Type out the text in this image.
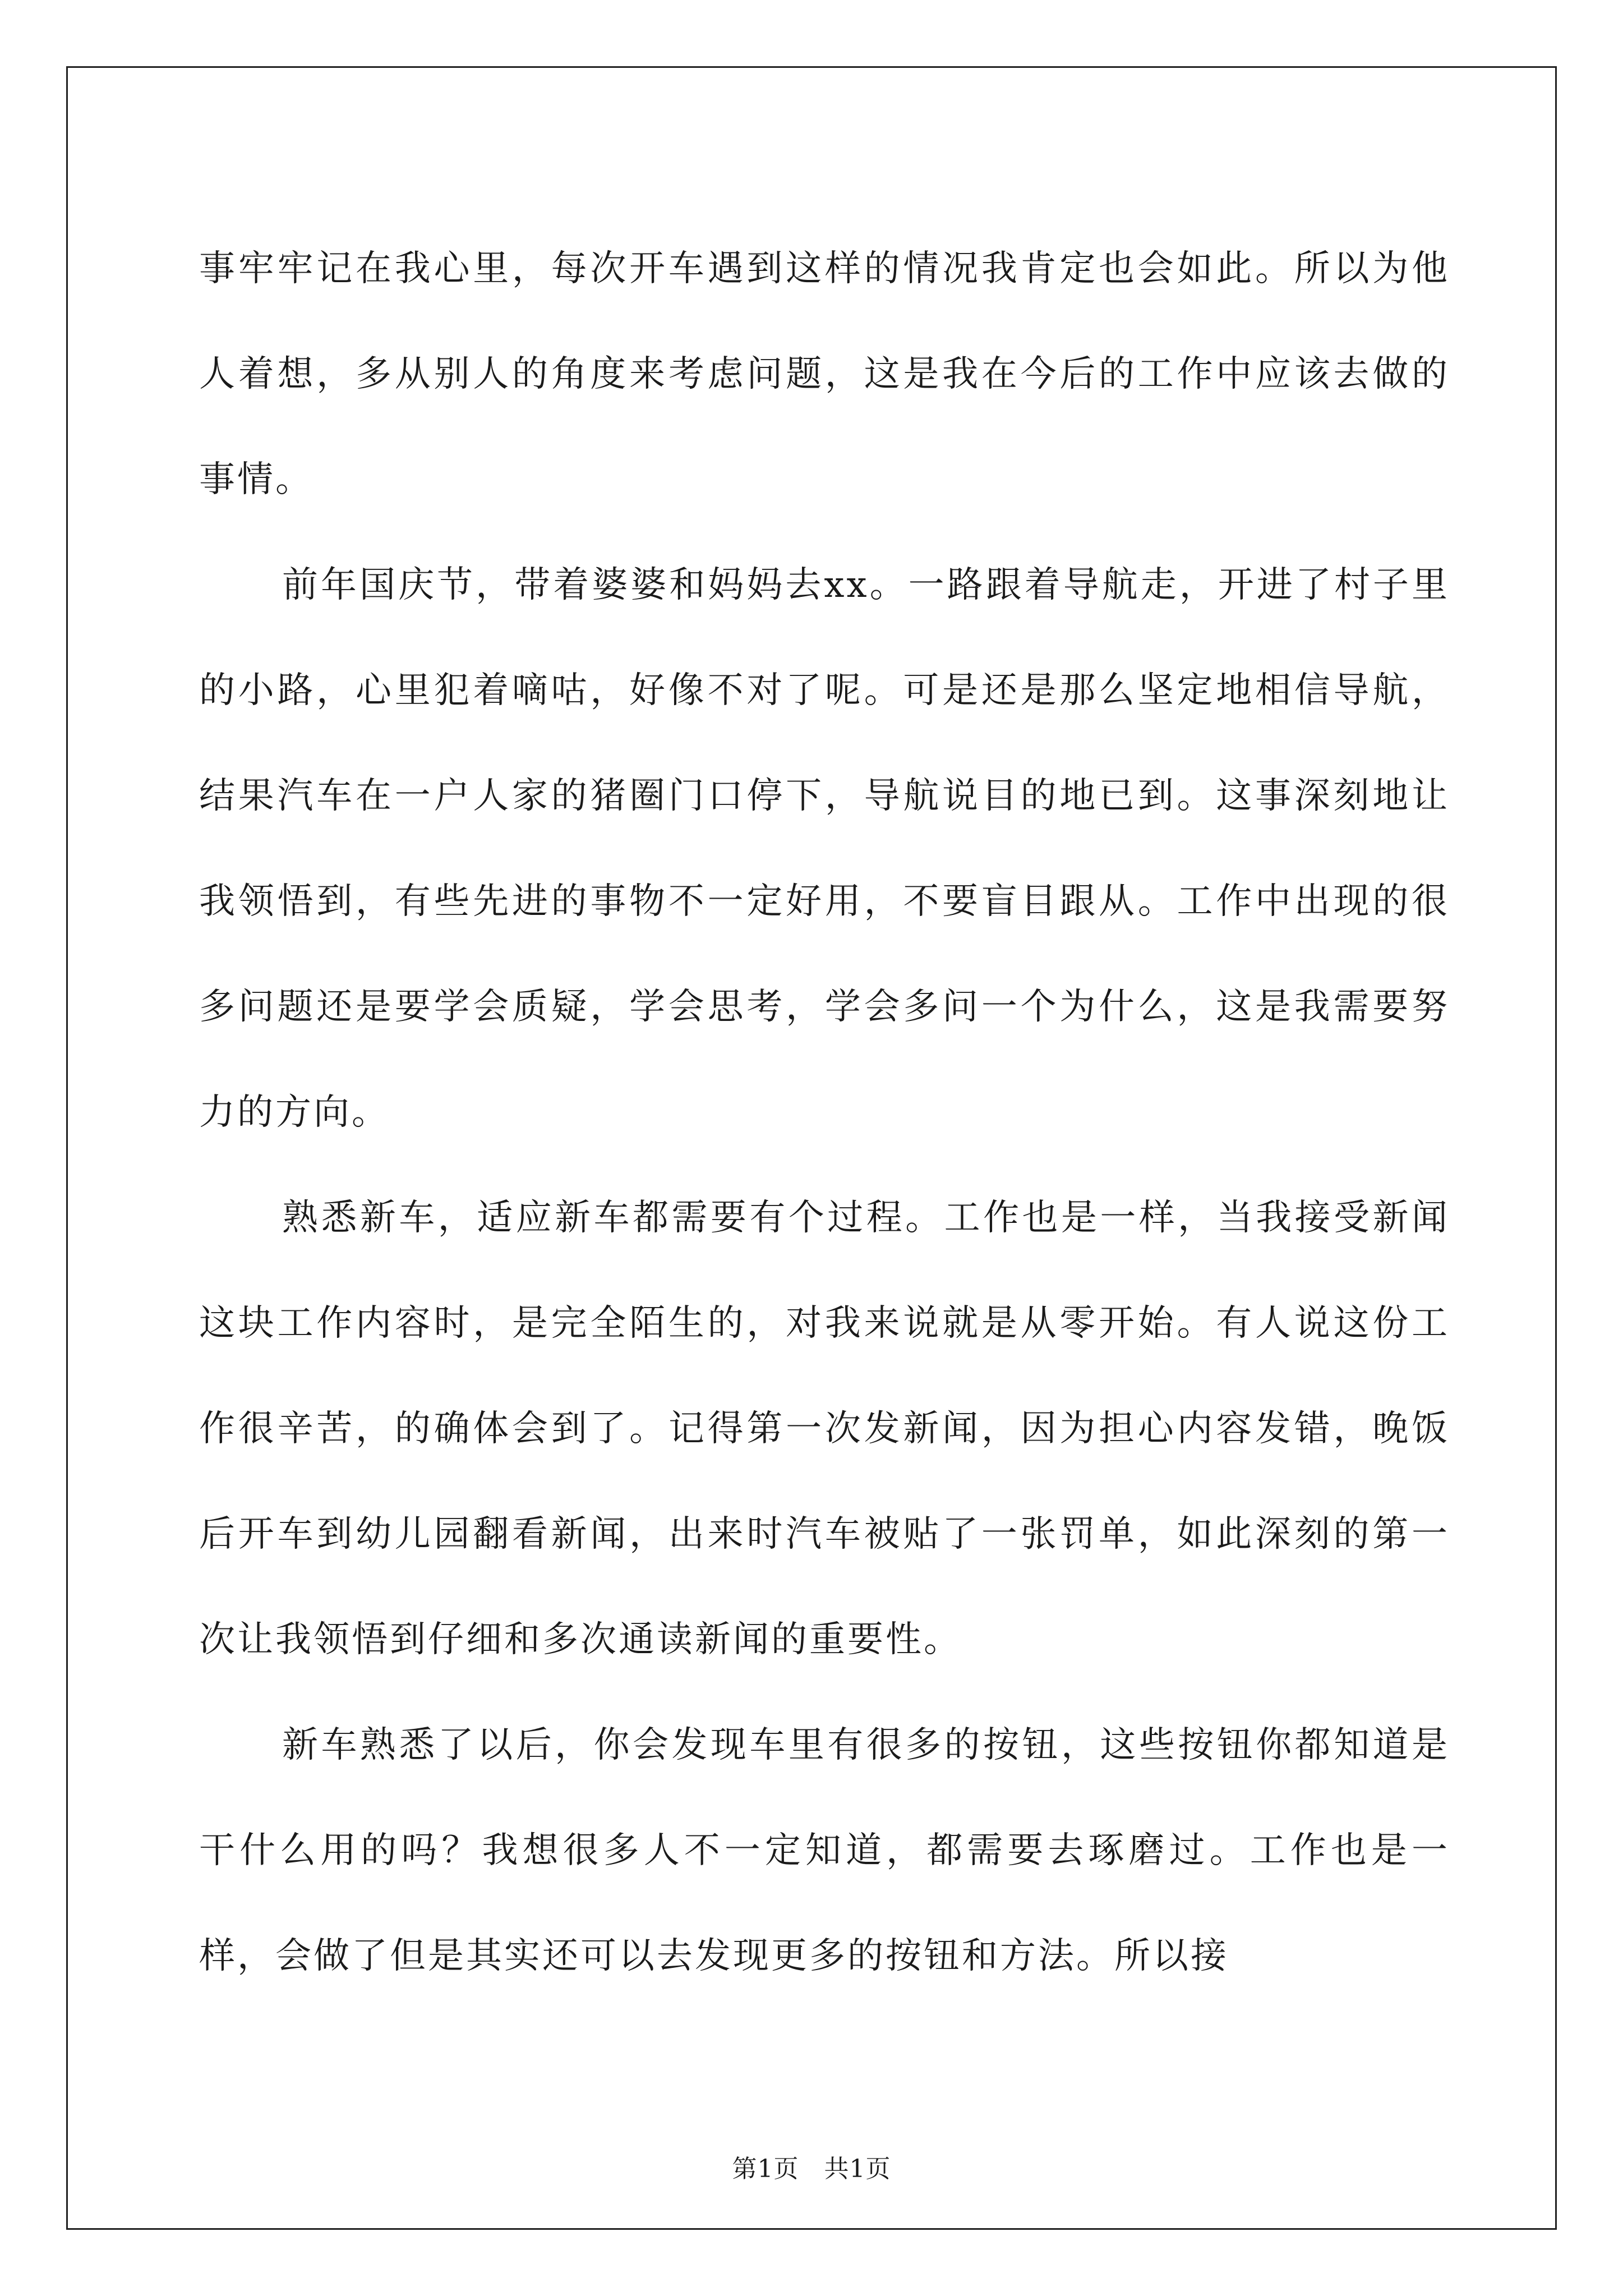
事牢牢记在我心里，每次开车遇到这样的情况我肯定也会如此。所以为他人着想，多从别人的角度来考虑问题，这是我在今后的工作中应该去做的事情。

前年国庆节，带着婆婆和妈妈去xx。一路跟着导航走，开进了村子里的小路，心里犯着嘀咕，好像不对了呢。可是还是那么坚定地相信导航，结果汽车在一户人家的猪圈门口停下，导航说目的地已到。这事深刻地让我领悟到，有些先进的事物不一定好用，不要盲目跟从。工作中出现的很多问题还是要学会质疑，学会思考，学会多问一个为什么，这是我需要努力的方向。

熟悉新车，适应新车都需要有个过程。工作也是一样，当我接受新闻这块工作内容时，是完全陌生的，对我来说就是从零开始。有人说这份工作很辛苦，的确体会到了。记得第一次发新闻，因为担心内容发错，晚饭后开车到幼儿园翻看新闻，出来时汽车被贴了一张罚单，如此深刻的第一次让我领悟到仔细和多次通读新闻的重要性。

新车熟悉了以后，你会发现车里有很多的按钮，这些按钮你都知道是干什么用的吗？我想很多人不一定知道，都需要去琢磨过。工作也是一样，会做了但是其实还可以去发现更多的按钮和方法。所以接

第1页　共1页
